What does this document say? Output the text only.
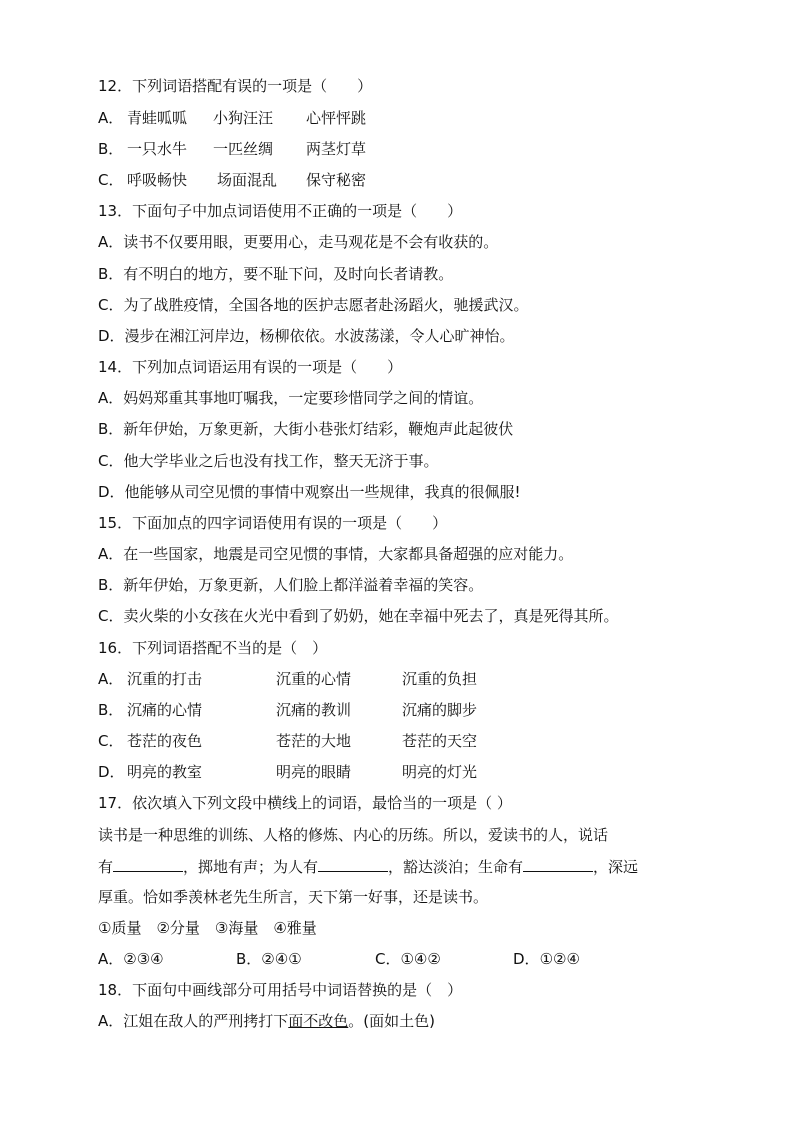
12．下列词语搭配有误的一项是（　　）
A． 青蛙呱呱 小狗汪汪 心怦怦跳
B． 一只水牛 一匹丝绸 两茎灯草
C． 呼吸畅快 场面混乱 保守秘密
13．下面句子中加点词语使用不正确的一项是（　　）
A．读书不仅要用眼，更要用心，走马观花是不会有收获的。
B．有不明白的地方，要不耻下问，及时向长者请教。
C．为了战胜疫情，全国各地的医护志愿者赴汤蹈火，驰援武汉。
D．漫步在湘江河岸边，杨柳依依。水波荡漾，令人心旷神怡。
14．下列加点词语运用有误的一项是（　　）
A．妈妈郑重其事地叮嘱我，一定要珍惜同学之间的情谊。
B．新年伊始，万象更新，大街小巷张灯结彩，鞭炮声此起彼伏
C．他大学毕业之后也没有找工作，整天无济于事。
D．他能够从司空见惯的事情中观察出一些规律，我真的很佩服!
15．下面加点的四字词语使用有误的一项是（　　）
A．在一些国家，地震是司空见惯的事情，大家都具备超强的应对能力。
B．新年伊始，万象更新，人们脸上都洋溢着幸福的笑容。
C．卖火柴的小女孩在火光中看到了奶奶，她在幸福中死去了，真是死得其所。
16．下列词语搭配不当的是（　）
A． 沉重的打击	沉重的心情	沉重的负担
B． 沉痛的心情	沉痛的教训	沉痛的脚步
C． 苍茫的夜色	苍茫的大地	苍茫的天空
D． 明亮的教室	明亮的眼睛	明亮的灯光
17．依次填入下列文段中横线上的词语，最恰当的一项是（ ）
读书是一种思维的训练、人格的修炼、内心的历练。所以，爱读书的人，说话
有	，掷地有声；为人有	，豁达淡泊；生命有	，深远
厚重。恰如季羡林老先生所言，天下第一好事，还是读书。
①质量　②分量　③海量　④雅量
A．②③④	B．②④①	C．①④②	D．①②④
18．下面句中画线部分可用括号中词语替换的是（　）
A．江姐在敌人的严刑拷打下面不改色。(面如土色)
